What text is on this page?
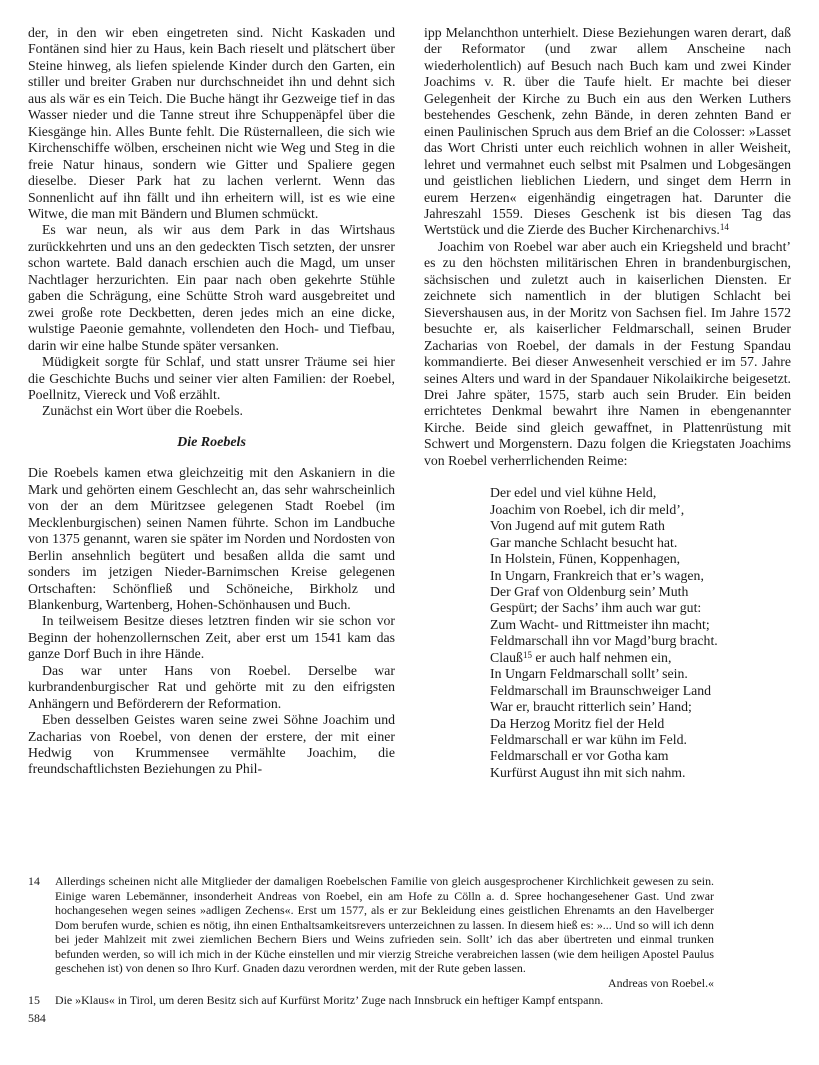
der, in den wir eben eingetreten sind. Nicht Kaskaden und Fontänen sind hier zu Haus, kein Bach rieselt und plätschert über Steine hinweg, als liefen spielende Kinder durch den Garten, ein stiller und breiter Graben nur durchschneidet ihn und dehnt sich aus als wär es ein Teich. Die Buche hängt ihr Gezweige tief in das Wasser nieder und die Tanne streut ihre Schuppenäpfel über die Kiesgänge hin. Alles Bunte fehlt. Die Rüsternalleen, die sich wie Kirchenschiffe wölben, erscheinen nicht wie Weg und Steg in die freie Natur hinaus, sondern wie Gitter und Spaliere gegen dieselbe. Dieser Park hat zu lachen verlernt. Wenn das Sonnenlicht auf ihn fällt und ihn erheitern will, ist es wie eine Witwe, die man mit Bändern und Blumen schmückt.

Es war neun, als wir aus dem Park in das Wirtshaus zurückkehrten und uns an den gedeckten Tisch setzten, der unsrer schon wartete. Bald danach erschien auch die Magd, um unser Nachtlager herzurichten. Ein paar nach oben gekehrte Stühle gaben die Schrägung, eine Schütte Stroh ward ausgebreitet und zwei große rote Deckbetten, deren jedes mich an eine dicke, wulstige Paeonie gemahnte, vollendeten den Hoch- und Tiefbau, darin wir eine halbe Stunde später versanken.

Müdigkeit sorgte für Schlaf, und statt unsrer Träume sei hier die Geschichte Buchs und seiner vier alten Familien: der Roebel, Poellnitz, Viereck und Voß erzählt.

Zunächst ein Wort über die Roebels.

Die Roebels

Die Roebels kamen etwa gleichzeitig mit den Askaniern in die Mark und gehörten einem Geschlecht an, das sehr wahrscheinlich von der an dem Müritzsee gelegenen Stadt Roebel (im Mecklenburgischen) seinen Namen führte. Schon im Landbuche von 1375 genannt, waren sie später im Norden und Nordosten von Berlin ansehnlich begütert und besaßen allda die samt und sonders im jetzigen Nieder-Barnimschen Kreise gelegenen Ortschaften: Schönfließ und Schöneiche, Birkholz und Blankenburg, Wartenberg, Hohen-Schönhausen und Buch.

In teilweisem Besitze dieses letztren finden wir sie schon vor Beginn der hohenzollernschen Zeit, aber erst um 1541 kam das ganze Dorf Buch in ihre Hände.

Das war unter Hans von Roebel. Derselbe war kurbrandenburgischer Rat und gehörte mit zu den eifrigsten Anhängern und Beförderern der Reformation.

Eben desselben Geistes waren seine zwei Söhne Joachim und Zacharias von Roebel, von denen der erstere, der mit einer Hedwig von Krummensee vermählte Joachim, die freundschaftlichsten Beziehungen zu Phil-

ipp Melanchthon unterhielt. Diese Beziehungen waren derart, daß der Reformator (und zwar allem Anscheine nach wiederholentlich) auf Besuch nach Buch kam und zwei Kinder Joachims v. R. über die Taufe hielt. Er machte bei dieser Gelegenheit der Kirche zu Buch ein aus den Werken Luthers bestehendes Geschenk, zehn Bände, in deren zehnten Band er einen Paulinischen Spruch aus dem Brief an die Colosser: »Lasset das Wort Christi unter euch reichlich wohnen in aller Weisheit, lehret und vermahnet euch selbst mit Psalmen und Lobgesängen und geistlichen lieblichen Liedern, und singet dem Herrn in eurem Herzen« eigenhändig eingetragen hat. Darunter die Jahreszahl 1559. Dieses Geschenk ist bis diesen Tag das Wertstück und die Zierde des Bucher Kirchenarchivs.$^{14}$

Joachim von Roebel war aber auch ein Kriegsheld und bracht’ es zu den höchsten militärischen Ehren in brandenburgischen, sächsischen und zuletzt auch in kaiserlichen Diensten. Er zeichnete sich namentlich in der blutigen Schlacht bei Sievershausen aus, in der Moritz von Sachsen fiel. Im Jahre 1572 besuchte er, als kaiserlicher Feldmarschall, seinen Bruder Zacharias von Roebel, der damals in der Festung Spandau kommandierte. Bei dieser Anwesenheit verschied er im 57. Jahre seines Alters und ward in der Spandauer Nikolaikirche beigesetzt. Drei Jahre später, 1575, starb auch sein Bruder. Ein beiden errichtetes Denkmal bewahrt ihre Namen in ebengenannter Kirche. Beide sind gleich gewaffnet, in Plattenrüstung mit Schwert und Morgenstern. Dazu folgen die Kriegstaten Joachims von Roebel verherrlichenden Reime:

Der edel und viel kühne Held,
Joachim von Roebel, ich dir meld’,
Von Jugend auf mit gutem Rath
Gar manche Schlacht besucht hat.
In Holstein, Fünen, Koppenhagen,
In Ungarn, Frankreich that er’s wagen,
Der Graf von Oldenburg sein’ Muth
Gespürt; der Sachs’ ihm auch war gut:
Zum Wacht- und Rittmeister ihn macht;
Feldmarschall ihn vor Magd’burg bracht.
Clauß$^{15}$ er auch half nehmen ein,
In Ungarn Feldmarschall sollt’ sein.
Feldmarschall im Braunschweiger Land
War er, braucht ritterlich sein’ Hand;
Da Herzog Moritz fiel der Held
Feldmarschall er war kühn im Feld.
Feldmarschall er vor Gotha kam
Kurfürst August ihn mit sich nahm.
14 Allerdings scheinen nicht alle Mitglieder der damaligen Roebelschen Familie von gleich ausgesprochener Kirchlichkeit gewesen zu sein. Einige waren Lebemänner, insonderheit Andreas von Roebel, ein am Hofe zu Cölln a. d. Spree hochangesehener Gast. Und zwar hochangesehen wegen seines »adligen Zechens«. Erst um 1577, als er zur Bekleidung eines geistlichen Ehrenamts an den Havelberger Dom berufen wurde, schien es nötig, ihn einen Enthaltsamkeitsrevers unterzeichnen zu lassen. In diesem hieß es: »... Und so will ich denn bei jeder Mahlzeit mit zwei ziemlichen Bechern Biers und Weins zufrieden sein. Sollt’ ich das aber übertreten und einmal trunken befunden werden, so will ich mich in der Küche einstellen und mir vierzig Streiche verabreichen lassen (wie dem heiligen Apostel Paulus geschehen ist) von denen so Ihro Kurf. Gnaden dazu verordnen werden, mit der Rute geben lassen.
Andreas von Roebel.«
15 Die »Klaus« in Tirol, um deren Besitz sich auf Kurfürst Moritz’ Zuge nach Innsbruck ein heftiger Kampf entspann.
584
